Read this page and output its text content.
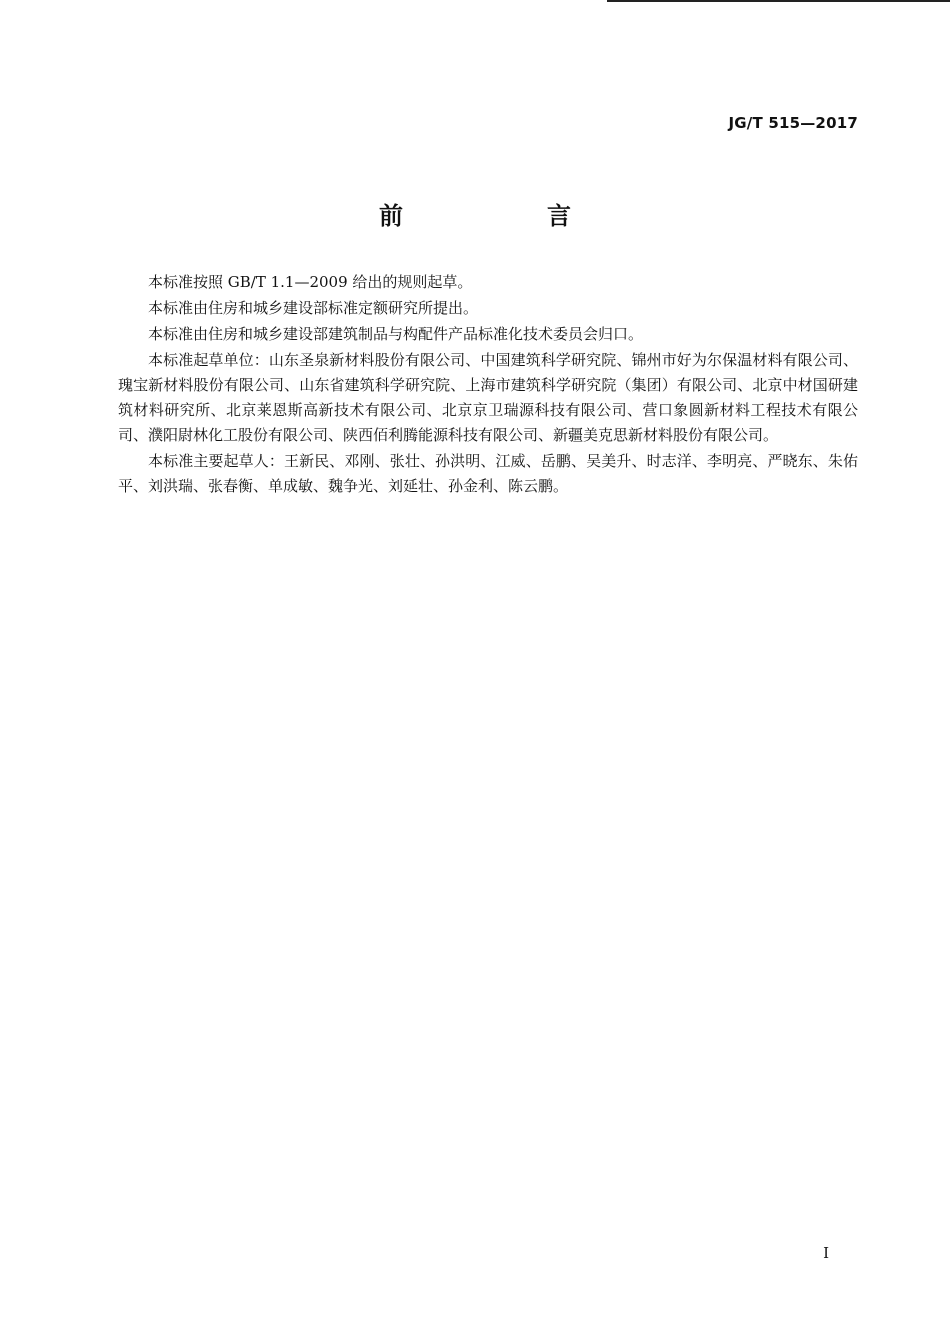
JG/T 515—2017
前　言

本标准按照 GB/T 1.1—2009 给出的规则起草。

本标准由住房和城乡建设部标准定额研究所提出。

本标准由住房和城乡建设部建筑制品与构配件产品标准化技术委员会归口。

本标准起草单位：山东圣泉新材料股份有限公司、中国建筑科学研究院、锦州市好为尔保温材料有限公司、瑰宝新材料股份有限公司、山东省建筑科学研究院、上海市建筑科学研究院（集团）有限公司、北京中材国研建筑材料研究所、北京莱恩斯高新技术有限公司、北京京卫瑞源科技有限公司、营口象圆新材料工程技术有限公司、濮阳尉林化工股份有限公司、陕西佰利腾能源科技有限公司、新疆美克思新材料股份有限公司。

本标准主要起草人：王新民、邓刚、张壮、孙洪明、江威、岳鹏、吴美升、时志洋、李明亮、严晓东、朱佑平、刘洪瑞、张春衡、单成敏、魏争光、刘延壮、孙金利、陈云鹏。

I
